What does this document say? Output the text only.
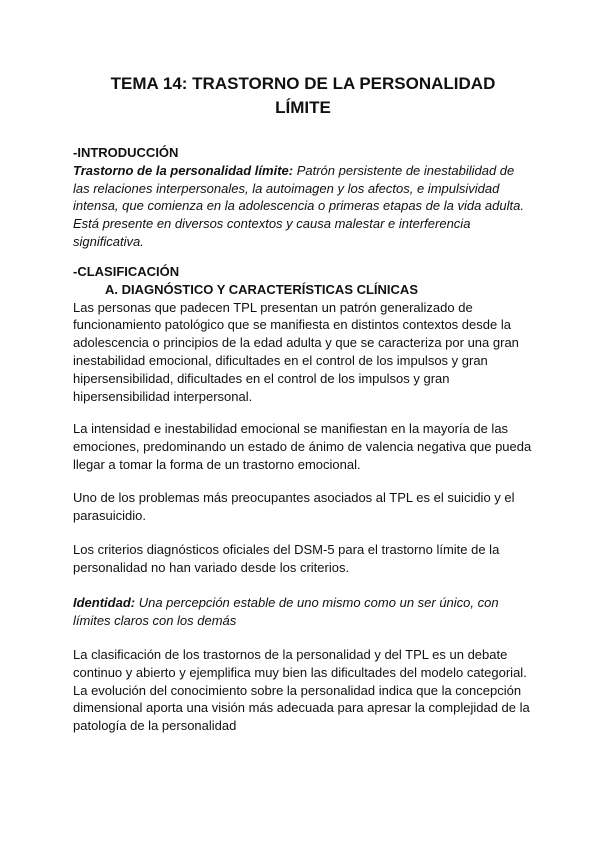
TEMA 14: TRASTORNO DE LA PERSONALIDAD
LÍMITE

-INTRODUCCIÓN

Trastorno de la personalidad límite: Patrón persistente de inestabilidad de las relaciones interpersonales, la autoimagen y los afectos, e impulsividad intensa, que comienza en la adolescencia o primeras etapas de la vida adulta. Está presente en diversos contextos y causa malestar e interferencia significativa.

-CLASIFICACIÓN

A. DIAGNÓSTICO Y CARACTERÍSTICAS CLÍNICAS

Las personas que padecen TPL presentan un patrón generalizado de funcionamiento patológico que se manifiesta en distintos contextos desde la adolescencia o principios de la edad adulta y que se caracteriza por una gran inestabilidad emocional, dificultades en el control de los impulsos y gran hipersensibilidad, dificultades en el control de los impulsos y gran hipersensibilidad interpersonal.

La intensidad e inestabilidad emocional se manifiestan en la mayoría de las emociones, predominando un estado de ánimo de valencia negativa que pueda llegar a tomar la forma de un trastorno emocional.

Uno de los problemas más preocupantes asociados al TPL es el suicidio y el parasuicidio.

Los criterios diagnósticos oficiales del DSM-5 para el trastorno límite de la personalidad no han variado desde los criterios.

Identidad: Una percepción estable de uno mismo como un ser único, con límites claros con los demás

La clasificación de los trastornos de la personalidad y del TPL es un debate continuo y abierto y ejemplifica muy bien las dificultades del modelo categorial.

La evolución del conocimiento sobre la personalidad indica que la concepción dimensional aporta una visión más adecuada para apresar la complejidad de la patología de la personalidad
